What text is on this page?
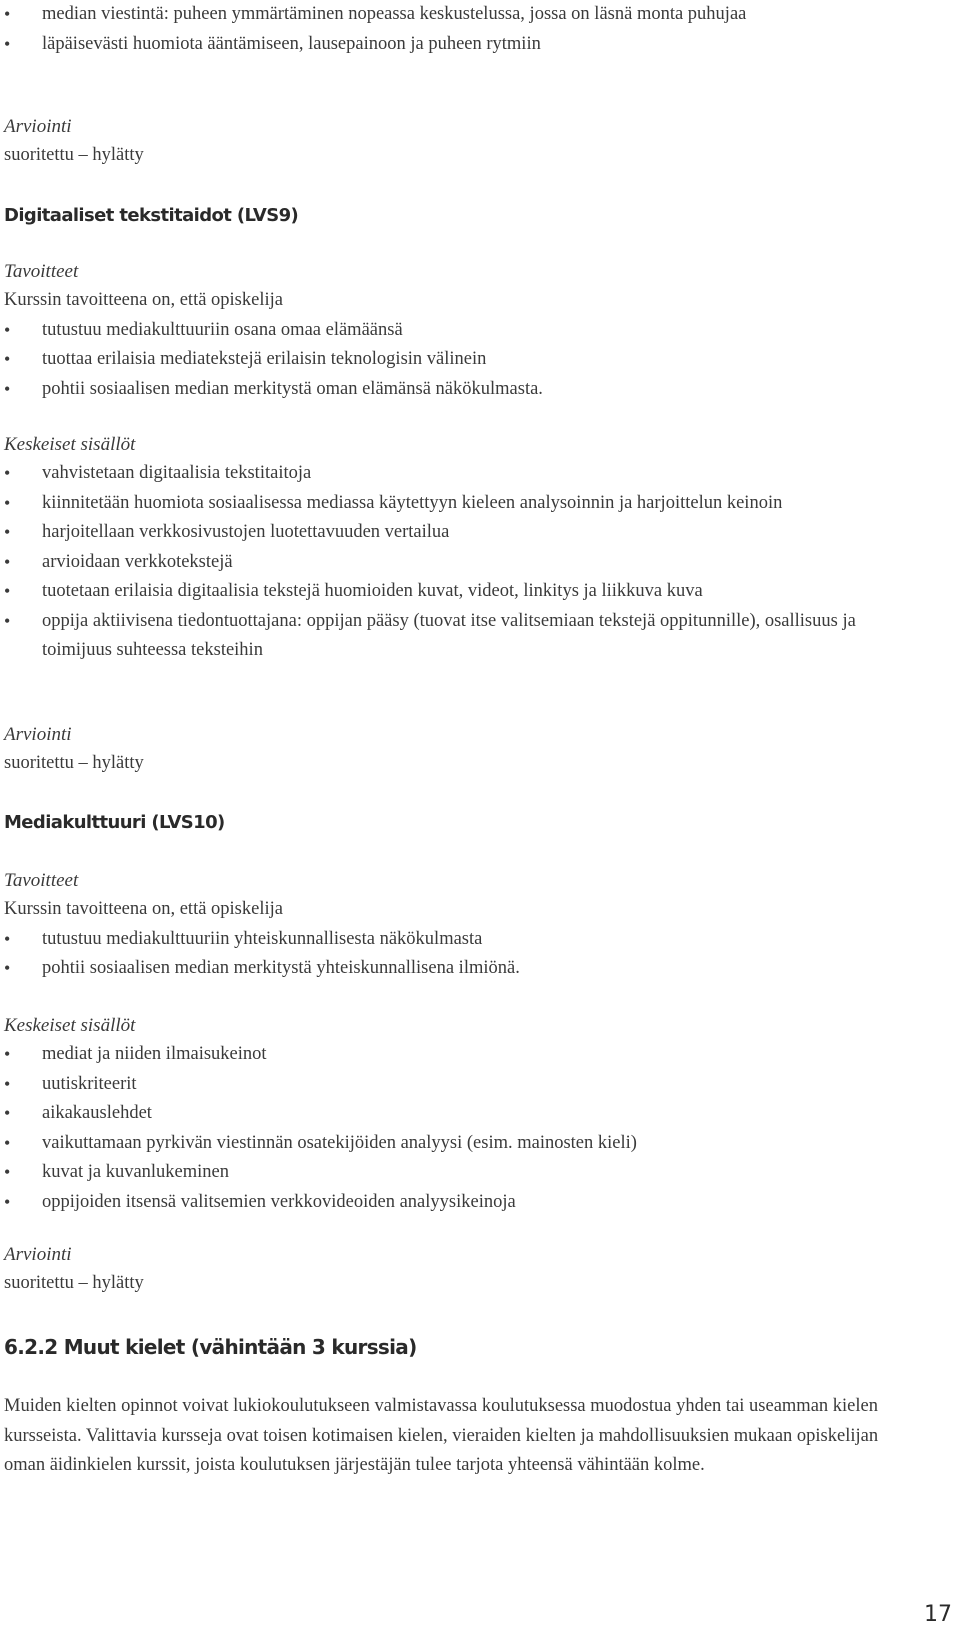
• median viestintä: puheen ymmärtäminen nopeassa keskustelussa, jossa on läsnä monta puhujaa
• läpäisevästi huomiota ääntämiseen, lausepainoon ja puheen rytmiin
Arviointi
suoritettu – hylätty
Digitaaliset tekstitaidot (LVS9)
Tavoitteet
Kurssin tavoitteena on, että opiskelija
• tutustuu mediakulttuuriin osana omaa elämäänsä
• tuottaa erilaisia mediatekstejä erilaisin teknologisin välinein
• pohtii sosiaalisen median merkitystä oman elämänsä näkökulmasta.
Keskeiset sisällöt
• vahvistetaan digitaalisia tekstitaitoja
• kiinnitetään huomiota sosiaalisessa mediassa käytettyyn kieleen analysoinnin ja harjoittelun keinoin
• harjoitellaan verkkosivustojen luotettavuuden vertailua
• arvioidaan verkkotekstejä
• tuotetaan erilaisia digitaalisia tekstejä huomioiden kuvat, videot, linkitys ja liikkuva kuva
• oppija aktiivisena tiedontuottajana: oppijan pääsy (tuovat itse valitsemiaan tekstejä oppitunnille), osallisuus ja toimijuus suhteessa teksteihin
Arviointi
suoritettu – hylätty
Mediakulttuuri (LVS10)
Tavoitteet
Kurssin tavoitteena on, että opiskelija
• tutustuu mediakulttuuriin yhteiskunnallisesta näkökulmasta
• pohtii sosiaalisen median merkitystä yhteiskunnallisena ilmiönä.
Keskeiset sisällöt
• mediat ja niiden ilmaisukeinot
• uutiskriteerit
• aikakauslehdet
• vaikuttamaan pyrkivän viestinnän osatekijöiden analyysi (esim. mainosten kieli)
• kuvat ja kuvanlukeminen
• oppijoiden itsensä valitsemien verkkovideoiden analyysikeinoja
Arviointi
suoritettu – hylätty
6.2.2 Muut kielet (vähintään 3 kurssia)
Muiden kielten opinnot voivat lukiokoulutukseen valmistavassa koulutuksessa muodostua yhden tai useamman kielen kursseista. Valittavia kursseja ovat toisen kotimaisen kielen, vieraiden kielten ja mahdollisuuksien mukaan opiskelijan oman äidinkielen kurssit, joista koulutuksen järjestäjän tulee tarjota yhteensä vähintään kolme.
17
